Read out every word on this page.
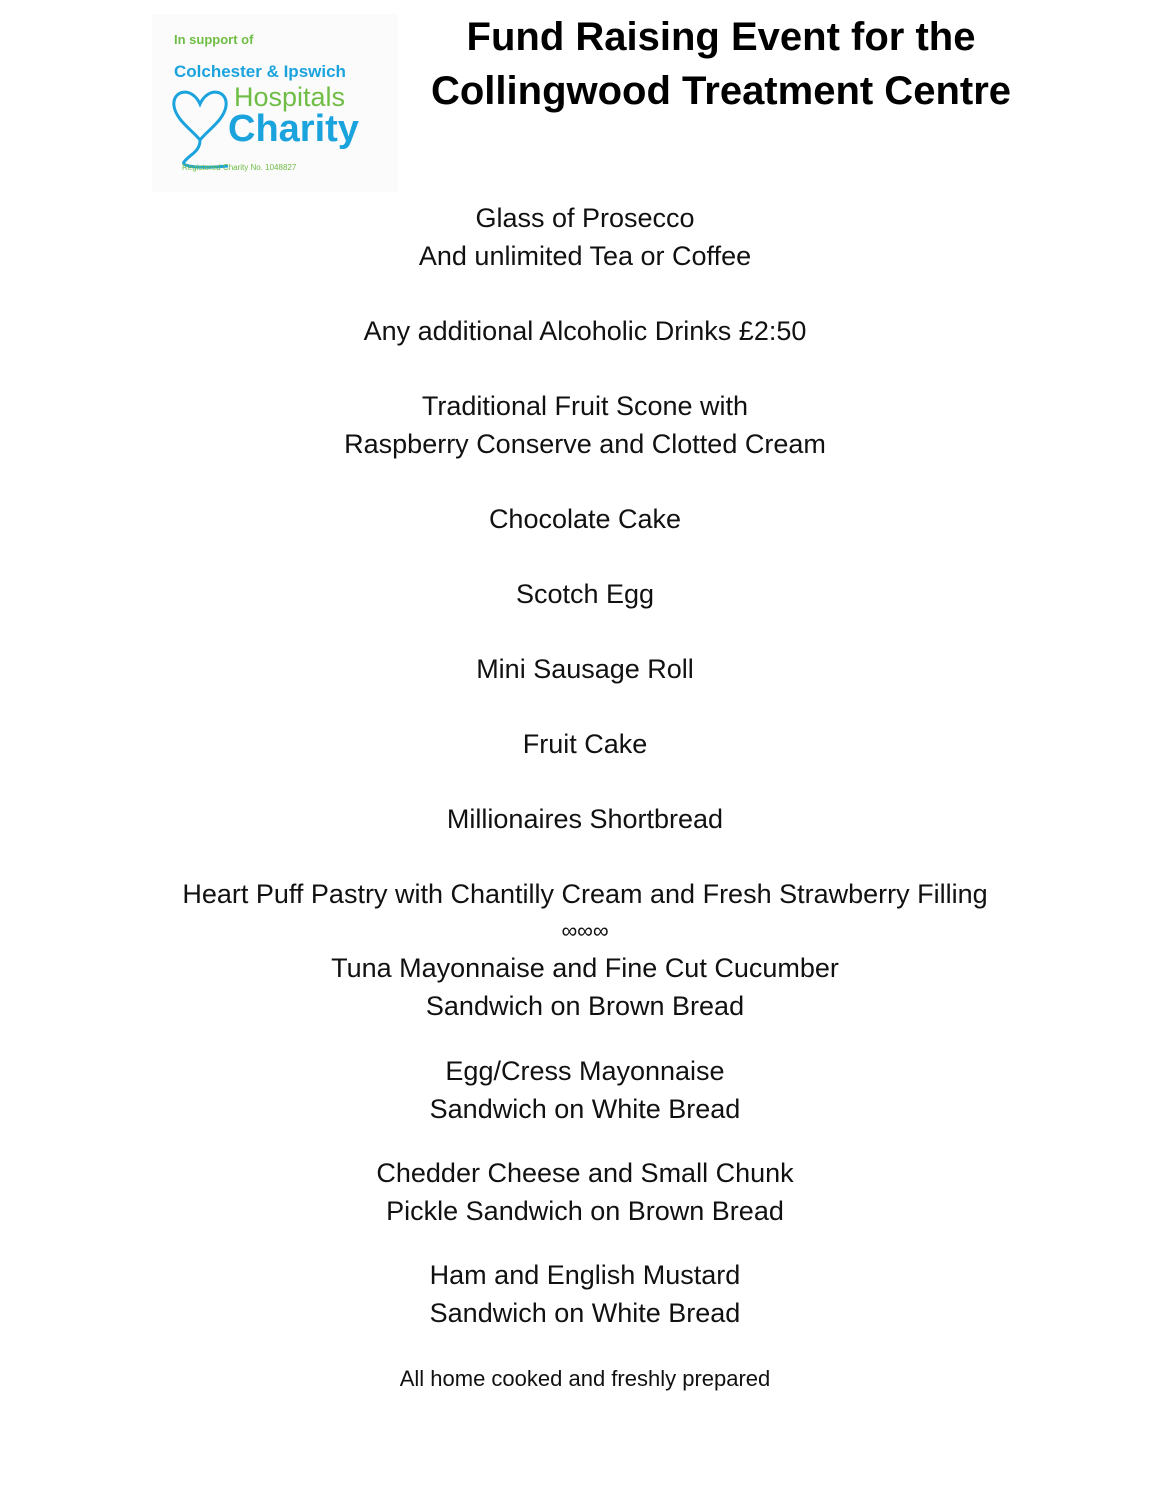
In support of
Colchester & Ipswich
Hospitals
Charity
Registered Charity No. 1048827
Fund Raising Event for the
Collingwood Treatment Centre
Glass of Prosecco
And unlimited Tea or Coffee
Any additional Alcoholic Drinks £2:50
Traditional Fruit Scone with
Raspberry Conserve and Clotted Cream
Chocolate Cake
Scotch Egg
Mini Sausage Roll
Fruit Cake
Millionaires Shortbread
Heart Puff Pastry with Chantilly Cream and Fresh Strawberry Filling
∞∞∞
Tuna Mayonnaise and Fine Cut Cucumber
Sandwich on Brown Bread
Egg/Cress Mayonnaise
Sandwich on White Bread
Chedder Cheese and Small Chunk
Pickle Sandwich on Brown Bread
Ham and English Mustard
Sandwich on White Bread
All home cooked and freshly prepared
